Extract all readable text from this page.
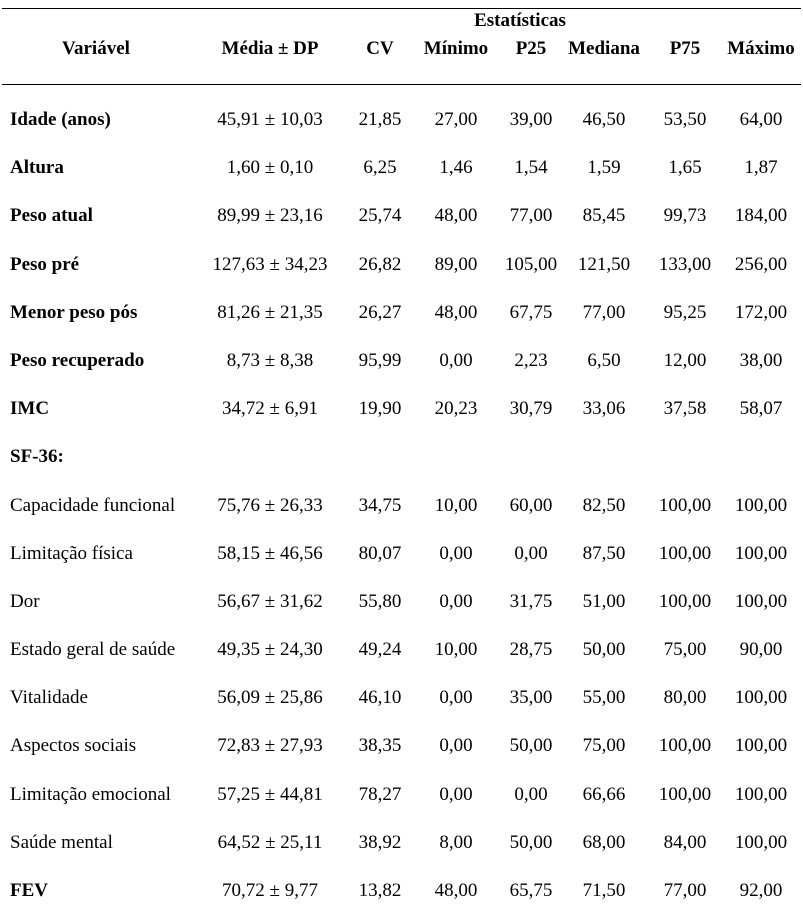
Estatísticas
Variável	Média ± DP	CV	Mínimo	P25	Mediana	P75	Máximo
Idade (anos)	45,91 ± 10,03	21,85	27,00	39,00	46,50	53,50	64,00
Altura	1,60 ± 0,10	6,25	1,46	1,54	1,59	1,65	1,87
Peso atual	89,99 ± 23,16	25,74	48,00	77,00	85,45	99,73	184,00
Peso pré	127,63 ± 34,23	26,82	89,00	105,00	121,50	133,00	256,00
Menor peso pós	81,26 ± 21,35	26,27	48,00	67,75	77,00	95,25	172,00
Peso recuperado	8,73 ± 8,38	95,99	0,00	2,23	6,50	12,00	38,00
IMC	34,72 ± 6,91	19,90	20,23	30,79	33,06	37,58	58,07
SF-36:
Capacidade funcional	75,76 ± 26,33	34,75	10,00	60,00	82,50	100,00	100,00
Limitação física	58,15 ± 46,56	80,07	0,00	0,00	87,50	100,00	100,00
Dor	56,67 ± 31,62	55,80	0,00	31,75	51,00	100,00	100,00
Estado geral de saúde	49,35 ± 24,30	49,24	10,00	28,75	50,00	75,00	90,00
Vitalidade	56,09 ± 25,86	46,10	0,00	35,00	55,00	80,00	100,00
Aspectos sociais	72,83 ± 27,93	38,35	0,00	50,00	75,00	100,00	100,00
Limitação emocional	57,25 ± 44,81	78,27	0,00	0,00	66,66	100,00	100,00
Saúde mental	64,52 ± 25,11	38,92	8,00	50,00	68,00	84,00	100,00
FEV	70,72 ± 9,77	13,82	48,00	65,75	71,50	77,00	92,00
